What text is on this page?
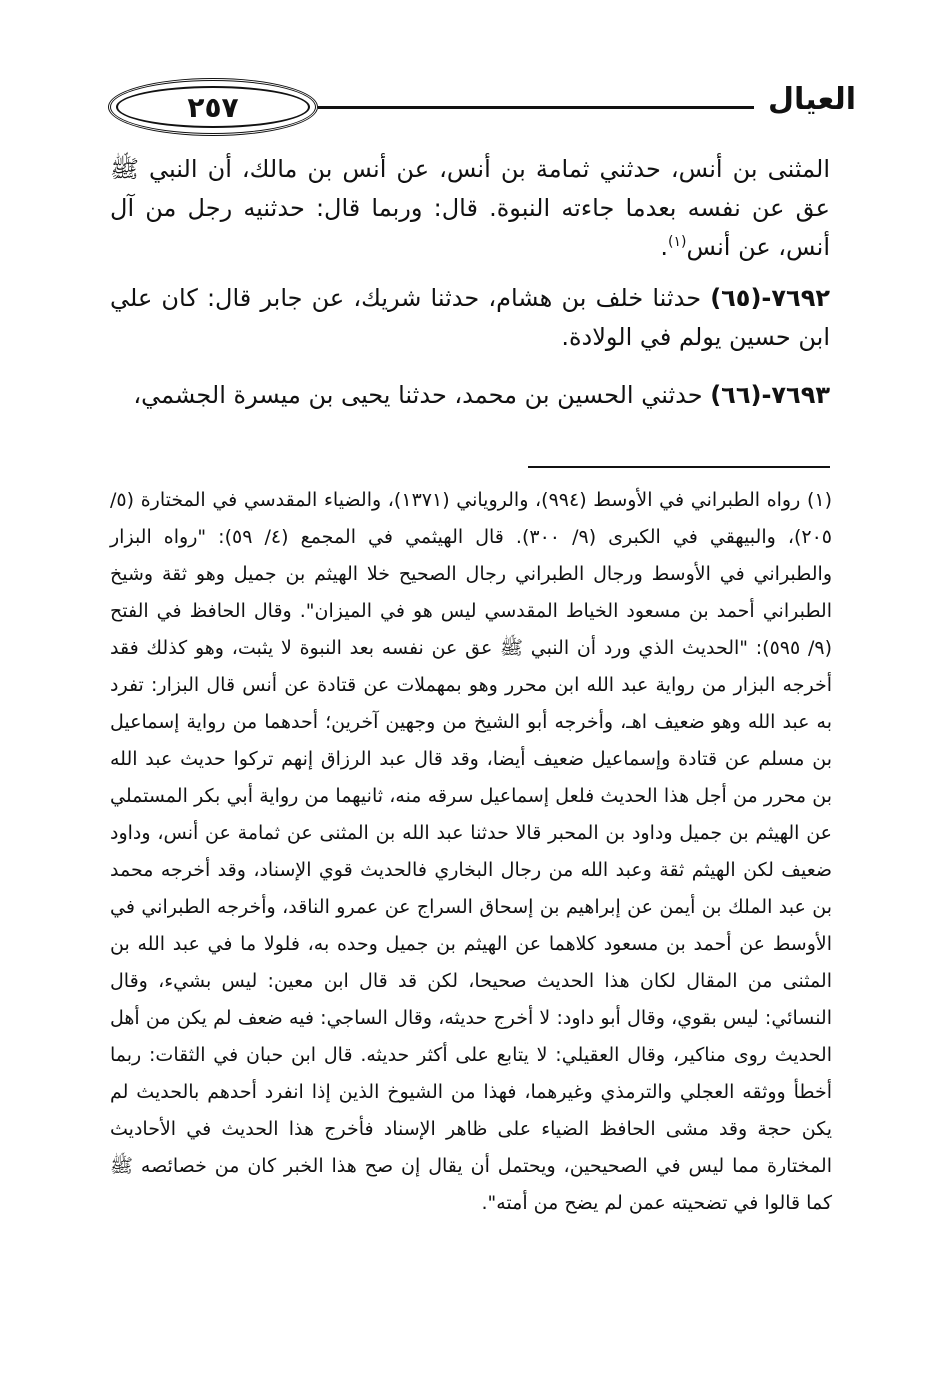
٢٥٧	العيال

المثنى بن أنس، حدثني ثمامة بن أنس، عن أنس بن مالك، أن النبي ﷺ عق عن نفسه بعدما جاءته النبوة. قال: وربما قال: حدثنيه رجل من آل أنس، عن أنس$^{(١)}$.

٧٦٩٢-(٦٥) حدثنا خلف بن هشام، حدثنا شريك، عن جابر قال: كان علي ابن حسين يولم في الولادة.

٧٦٩٣-(٦٦) حدثني الحسين بن محمد، حدثنا يحيى بن ميسرة الجشمي،

(١) رواه الطبراني في الأوسط (٩٩٤)، والروياني (١٣٧١)، والضياء المقدسي في المختارة (٥/ ٢٠٥)، والبيهقي في الكبرى (٩/ ٣٠٠). قال الهيثمي في المجمع (٤/ ٥٩): "رواه البزار والطبراني في الأوسط ورجال الطبراني رجال الصحيح خلا الهيثم بن جميل وهو ثقة وشيخ الطبراني أحمد بن مسعود الخياط المقدسي ليس هو في الميزان". وقال الحافظ في الفتح (٩/ ٥٩٥): "الحديث الذي ورد أن النبي ﷺ عق عن نفسه بعد النبوة لا يثبت، وهو كذلك فقد أخرجه البزار من رواية عبد الله ابن محرر وهو بمهملات عن قتادة عن أنس قال البزار: تفرد به عبد الله وهو ضعيف اهـ، وأخرجه أبو الشيخ من وجهين آخرين؛ أحدهما من رواية إسماعيل بن مسلم عن قتادة وإسماعيل ضعيف أيضا، وقد قال عبد الرزاق إنهم تركوا حديث عبد الله بن محرر من أجل هذا الحديث فلعل إسماعيل سرقه منه، ثانيهما من رواية أبي بكر المستملي عن الهيثم بن جميل وداود بن المحبر قالا حدثنا عبد الله بن المثنى عن ثمامة عن أنس، وداود ضعيف لكن الهيثم ثقة وعبد الله من رجال البخاري فالحديث قوي الإسناد، وقد أخرجه محمد بن عبد الملك بن أيمن عن إبراهيم بن إسحاق السراج عن عمرو الناقد، وأخرجه الطبراني في الأوسط عن أحمد بن مسعود كلاهما عن الهيثم بن جميل وحده به، فلولا ما في عبد الله بن المثنى من المقال لكان هذا الحديث صحيحا، لكن قد قال ابن معين: ليس بشيء، وقال النسائي: ليس بقوي، وقال أبو داود: لا أخرج حديثه، وقال الساجي: فيه ضعف لم يكن من أهل الحديث روى مناكير، وقال العقيلي: لا يتابع على أكثر حديثه. قال ابن حبان في الثقات: ربما أخطأ ووثقه العجلي والترمذي وغيرهما، فهذا من الشيوخ الذين إذا انفرد أحدهم بالحديث لم يكن حجة وقد مشى الحافظ الضياء على ظاهر الإسناد فأخرج هذا الحديث في الأحاديث المختارة مما ليس في الصحيحين، ويحتمل أن يقال إن صح هذا الخبر كان من خصائصه ﷺ كما قالوا في تضحيته عمن لم يضح من أمته".
